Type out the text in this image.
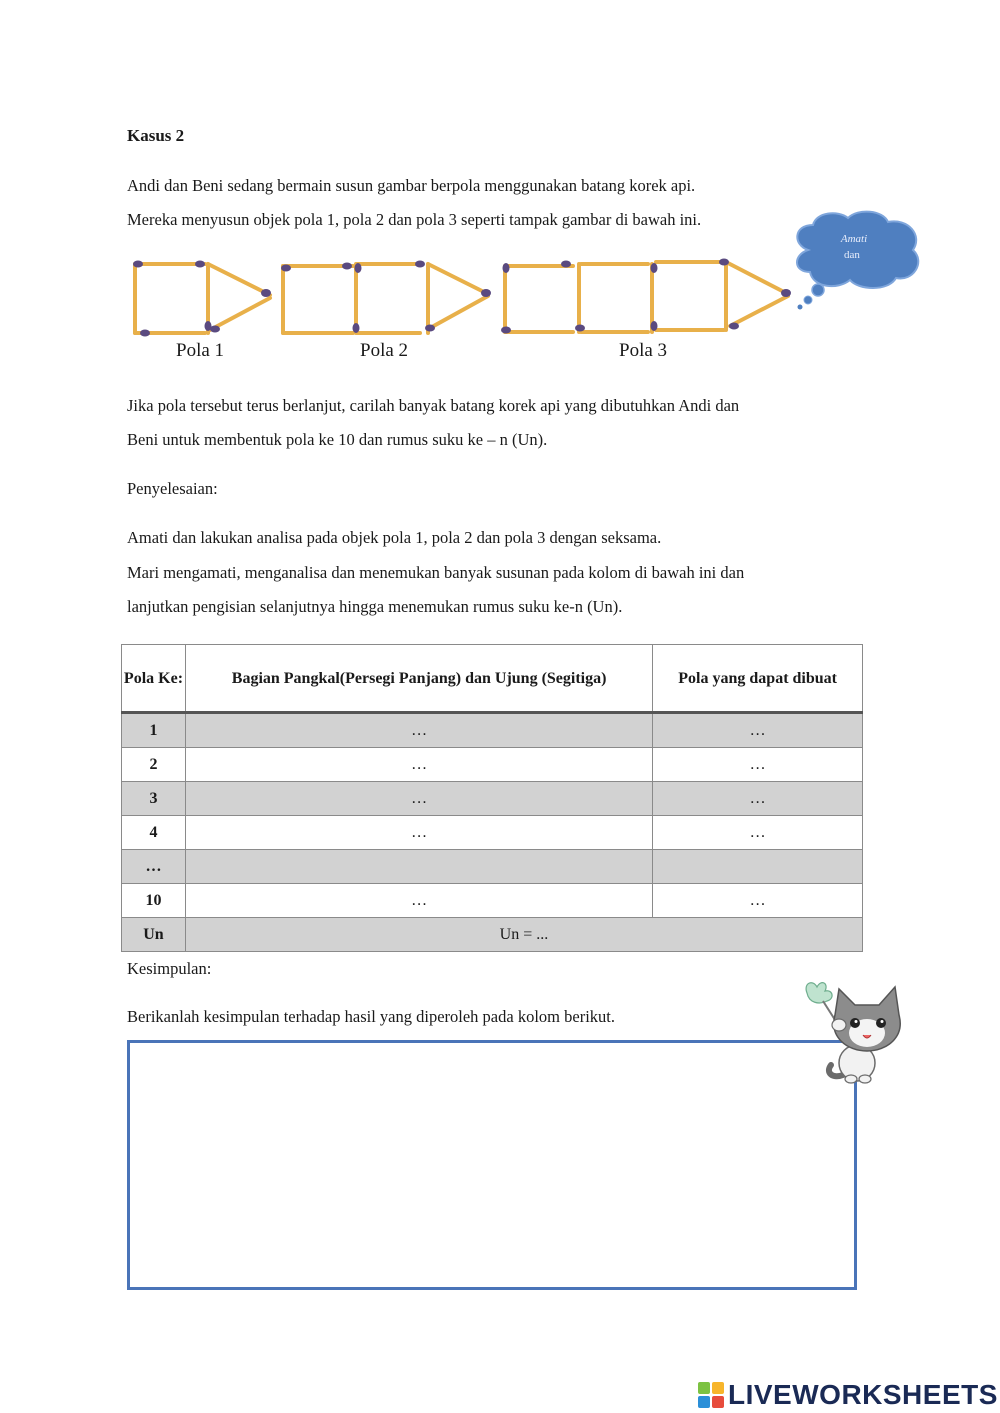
Kasus 2
Andi dan Beni sedang bermain susun gambar berpola menggunakan batang korek api.
Mereka menyusun objek pola 1, pola 2 dan pola 3 seperti tampak gambar di bawah ini.
Amati
dan
Pola 1	Pola 2	Pola 3
Jika pola tersebut terus berlanjut, carilah banyak batang korek api yang dibutuhkan Andi dan
Beni untuk membentuk pola ke 10 dan rumus suku ke – n (Un).
Penyelesaian:
Amati dan lakukan analisa pada objek pola 1, pola 2 dan pola 3 dengan seksama.
Mari mengamati, menganalisa dan menemukan banyak susunan pada kolom di bawah ini dan
lanjutkan pengisian selanjutnya hingga menemukan rumus suku ke-n (Un).
Pola Ke:	Bagian Pangkal(Persegi Panjang) dan Ujung (Segitiga)	Pola yang dapat dibuat
1	…	…
2	…	…
3	…	…
4	…	…
…		
10	…	…
Un	Un = ...	
Kesimpulan:
Berikanlah kesimpulan terhadap hasil yang diperoleh pada kolom berikut.
LIVEWORKSHEETS
